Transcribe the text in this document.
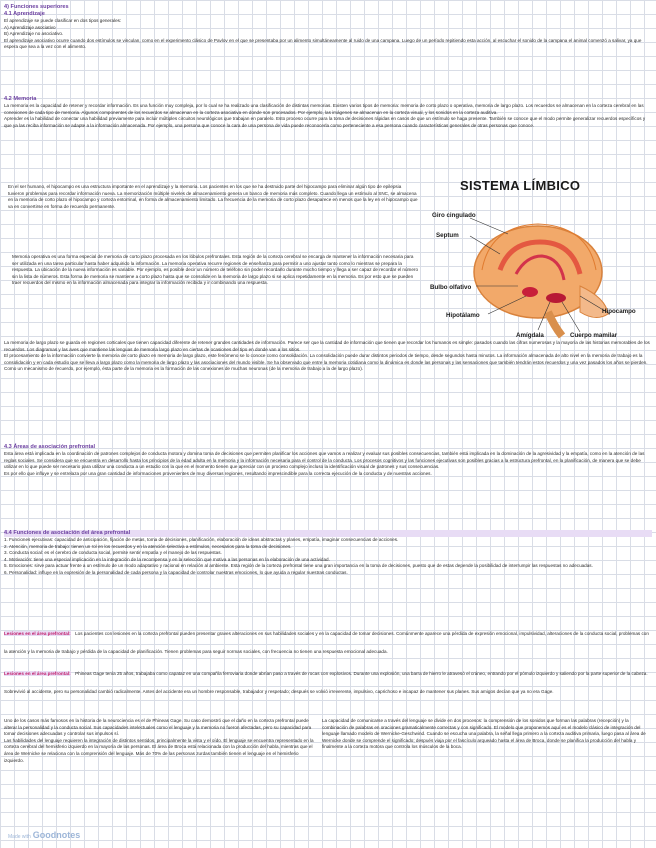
4) Funciones superiores
4.1 Aprendizaje
El aprendizaje se puede clasificar en dos tipos generales:
A) Aprendizaje asociativo
B) Aprendizaje no asociativo.
El aprendizaje asociativo ocurre cuando dos estímulos se vinculan, como en el experimento clásico de Pavlov en el que se presentaba por un alimento simultáneamente al ruido de una campana. Luego de un período repitiendo esta acción, al escuchar el sonido de la campana el animal comenzó a salivar, ya que espera que sea a la vez con el alimento.
4.2 Memoria
La memoria es la capacidad de retener y recordar información. Es una función muy compleja, por lo cual se ha realizado una clasificación de distintas memorias. Existen varios tipos de memoria: memoria de corto plazo o operativa, memoria de largo plazo. Los recuerdos se almacenan en la corteza cerebral en las conexiones de cada tipo de memoria. Algunos componentes de los recuerdos se almacenan en la corteza asociativa en donde son procesados. Por ejemplo, las imágenes se almacenan en la corteza visual, y los sonidos en la corteza auditiva.
Aprender es la habilidad de conectar una habilidad previamente para incluir múltiples circuitos neurológicos que trabajan en paralelo. Esto proceso ocurre para la toma de decisiones rápidas en casos de que un estímulo se haga presente. También se conoce que el modo permite generalizar recuerdos específicos y que ya las reciba información se adapte a la información almacenada. Por ejemplo, una persona que conoce la cara de una persona de vida puede reconocerla como perteneciente a esa persona cuando características generales de otras personas que conoce.
En el ser humano, el hipocampo es una estructura importante en el aprendizaje y la memoria. Los pacientes en los que se ha destruido parte del hipocampo para eliminar algún tipo de epilepsia tuvieron problemas para recordar información nueva. La memorización múltiple niveles de almacenamiento genera un banco de memoria más completo. Cuando llega un estímulo al SNC, se almacena en la memoria de corto plazo el hipocampo y corteza entorrinal, en forma de almacenamiento limitado. La frecuencia de la memoria de corto plazo desaparece en menos que la ley en el hipocampo que va en convertirse en forma de recuerdo permanente.
Memoria operativa es una forma especial de memoria de corto plazo procesada en los lóbulos prefrontales. Esta región de la corteza cerebral se encarga de mantener la información necesaria para ser utilizada en una tarea particular hasta haber adquirido la información. La memoria operativa recurre regiones de enseñanza para permitir a uno ajustar tanto como lo mientras se prepara la respuesta. La ubicación de la nueva información es variable. Por ejemplo, es posible decir un número de teléfono sin poder recordarlo durante mucho tiempo y llega a ser capaz de recordar el número sin la lista de números. Esta forma de memoria se mantiene a corto plazo hasta que se consolide en la memoria de largo plazo si se aplica repetidamente en la memoria. Es por esto que se pueden traer recuerdos del mismo en la información almacenada para integrar la información recibida y ir combinando una respuesta.
SISTEMA LÍMBICO
Giro cingulado
Septum
Bulbo olfativo
Hipotálamo
Amígdala	Cuerpo mamilar
Hipocampo
La memoria de largo plazo se guarda en regiones corticales que tienen capacidad diferente de retener grandes cantidades de información. Parece ser que la cantidad de información que tienen que recordar los humanos es simple: pasados cuando las cifras numerosas y la mayoría de las historias memorables de los recuerdos. Los diagramas y las aves que mantiene las lenguas de memoria largo plazo en ciertas de ocasiones del tipo en donde van a los sitios.
El procesamiento de la información convierte la memoria de corto plazo en memoria de largo plazo, este fenómeno se lo conoce como consolidación. La consolidación puede durar distintos periodos de tiempo, desde segundos hasta minutos. La información almacenada de alto nivel en la memoria de trabajo es la consolidación y en cada estudio que se lleva a largo plazo como la memoria de largo plazo y las asociaciones del mundo visible. Se ha observado que entre la memoria cotidiana como la dinámica es donde las personas y las sensaciones que también tendrán estos recuerdos y una vez pasados los años se pierden. Como un mecanismo de recuerdo, por ejemplo, ésta parte de la memoria es la formación de las conexiones de muchas neuronas (de la memoria de trabajo a la de largo plazo).
4.3 Áreas de asociación prefrontal
Esta área está implicada en la coordinación de patrones complejos de conducta motora y domina toma de decisiones que permiten planificar los acciones que vamos a realizar y evaluar sus posibles consecuencias, también está implicada en la dominación de la agresividad y la empatía, como en la atención de las reglas sociales. Se considera que se encuentra en desarrollo hasta los principios de la edad adulta en la memoria y la información necesaria para el control de la conducta. Los procesos cognitivos y las funciones ejecutivas son posibles gracias a la estructura prefrontal, en la planificación, de manera que se debe utilizar en lo que puede ser necesario para utilizar una conducta a un estudio con la que en el momento tienen que apreciar con un proceso complejo incluso la identificación visual de patrones y sus consecuencias.
Es por ello que influye y se entrelaza por una gran cantidad de informaciones provenientes de muy diversas regiones, resultando imprescindible para la correcta ejecución de la conducta y de nuestras acciones.
4.4 Funciones de asociación del área prefrontal
1. Funciones ejecutivas: capacidad de anticipación, fijación de metas, toma de decisiones, planificación, elaboración de ideas abstractas y planes, empatía, imaginar consecuencias de acciones.
2. Atención, memoria de trabajo: tienen un rol en los recuerdos y en la atención selectiva a estímulos, necesarios para la toma de decisiones.
3. Conducta social: es el cerebro de conducta social, permite sentir empatía y el manejo de las respuestas.
4. Motivación: tiene una especial implicación en la integración de la recompensa y en la selección que motiva a las personas en la elaboración de una actividad.
5. Emociones: sirve para actuar frente a un estímulo de un modo adaptativo y racional en relación al ambiente. Esta región de la corteza prefrontal tiene una gran importancia en la toma de decisiones, puesto que de estas depende la posibilidad de interrumpir las respuestas no adecuadas.
6. Personalidad: influye en la expresión de la personalidad de cada persona y la capacidad de controlar nuestras emociones, lo que ayuda a regular nuestras conductas.
Lesiones en el área prefrontal: Los pacientes con lesiones en la corteza prefrontal pueden presentar graves alteraciones en sus habilidades sociales y en la capacidad de tomar decisiones. Comúnmente aparece una pérdida de expresión emocional, impulsividad, alteraciones de la conducta social, problemas con la atención y la memoria de trabajo y pérdida de la capacidad de planificación. Tienen problemas para seguir normas sociales, con frecuencia no tienen una respuesta emocional adecuada.
Lesiones en el área prefrontal: Phineas Gage tenía 25 años, trabajaba como capataz en una compañía ferroviaria donde abrían paso a través de rocas con explosivos. Durante una explosión, una barra de hierro le atravesó el cráneo, entrando por el pómulo izquierdo y saliendo por la parte superior de la cabeza. Sobrevivió al accidente, pero su personalidad cambió radicalmente. Antes del accidente era un hombre responsable, trabajador y respetado; después se volvió irreverente, impulsivo, caprichoso e incapaz de mantener sus planes. Sus amigos decían que ya no era Gage.
Uno de los casos más famosos en la historia de la neurociencia es el de Phineas Gage. Su caso demostró que el daño en la corteza prefrontal puede alterar la personalidad y la conducta social. Sus capacidades intelectuales como el lenguaje y la memoria no fueron afectadas, pero su capacidad para tomar decisiones adecuadas y controlar sus impulsos sí.
Las habilidades del lenguaje requieren la integración de distintos sentidos, principalmente la vista y el oído. El lenguaje se encuentra representado en la corteza cerebral del hemisferio izquierdo en la mayoría de las personas. El área de Broca está relacionada con la producción del habla, mientras que el área de Wernicke se relaciona con la comprensión del lenguaje. Más de 70% de las personas zurdas también tienen el lenguaje en el hemisferio izquierdo.
La capacidad de comunicarse a través del lenguaje se divide en dos procesos: la comprensión de los sonidos que forman las palabras (recepción) y la combinación de palabras en oraciones gramaticalmente correctas y con significado. El modelo que proponemos aquí es el modelo clásico de integración del lenguaje llamado modelo de Wernicke-Geschwind. Cuando se escucha una palabra, la señal llega primero a la corteza auditiva primaria, luego pasa al área de Wernicke donde se comprende el significado; después viaja por el fascículo arqueado hasta el área de Broca, donde se planifica la producción del habla y finalmente a la corteza motora que controla los músculos de la boca.
Made with Goodnotes
